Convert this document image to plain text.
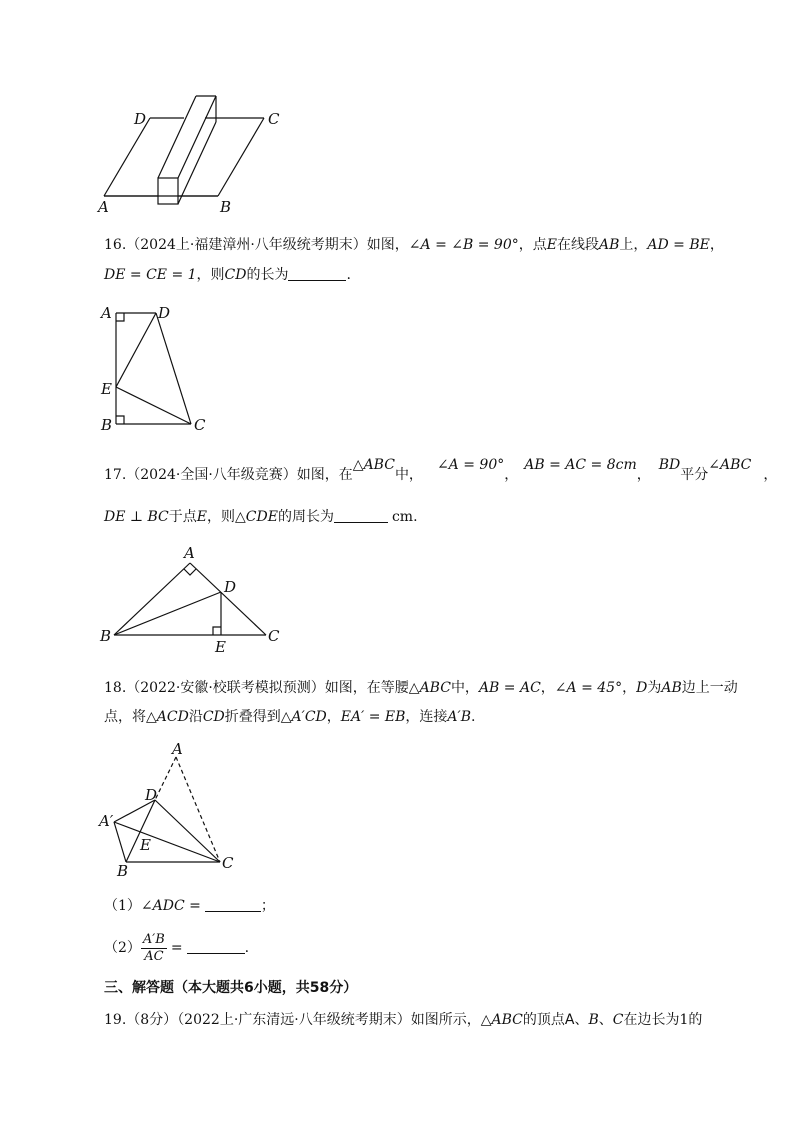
D	C
A	B
16.（2024上·福建漳州·八年级统考期末）如图，∠A = ∠B = 90°，点E在线段AB上，AD = BE，
DE = CE = 1，则CD的长为	.
A	D
E
B	C
17.（2024·全国·八年级竞赛）如图，在△ABC中，∠A = 90°，AB = AC = 8cm，BD平分∠ABC，
DE ⊥ BC于点E，则△CDE的周长为	cm.
A
D
B
E
C
18.（2022·安徽·校联考模拟预测）如图，在等腰△ABC中，AB = AC，∠A = 45°，D为AB边上一动
点，将△ACD沿CD折叠得到△A′CD，EA′ = EB，连接A′B.
A
D
A′
E
B	C
（1）∠ADC =	；
$(2) \frac{A'B}{AC}$ =	.
三、解答题（本大题共6小题，共58分）
19.（8分）（2022上·广东清远·八年级统考期末）如图所示，△ABC的顶点A、B、C在边长为1的
